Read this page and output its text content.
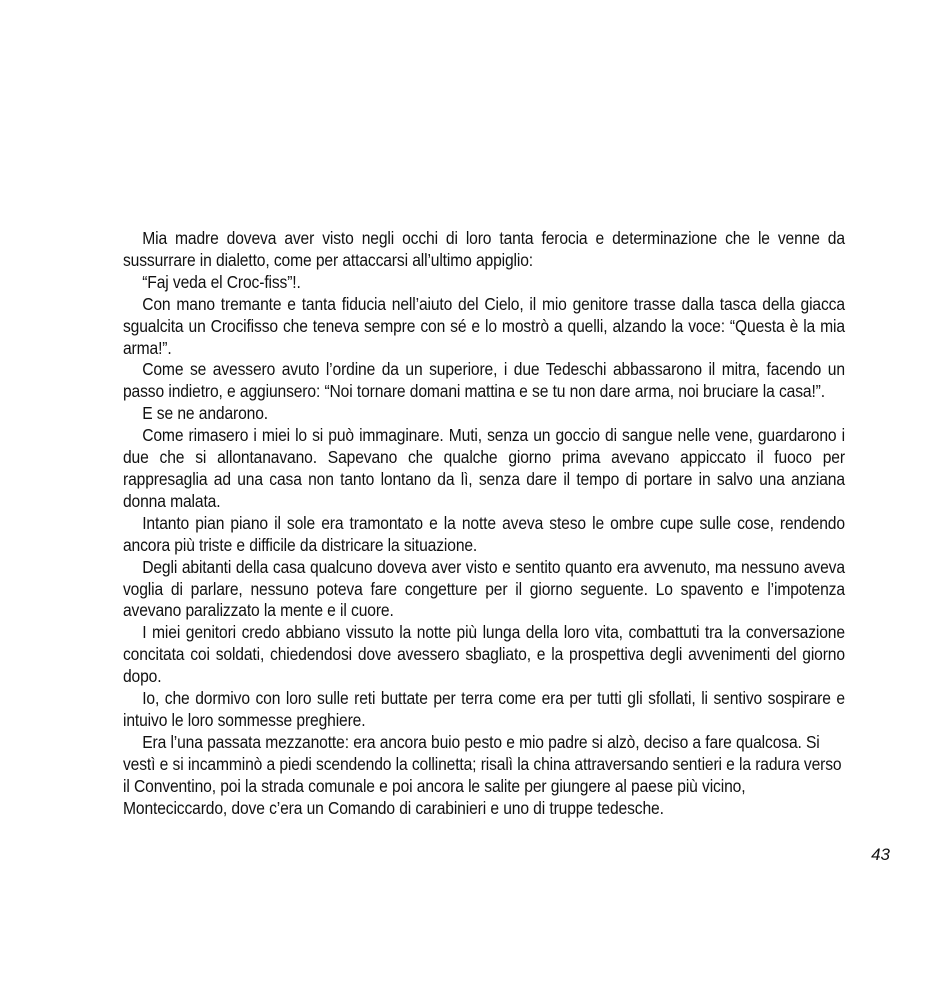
Mia madre doveva aver visto negli occhi di loro tanta ferocia e determinazione che le venne da sussurrare in dialetto, come per attaccarsi all’ultimo appiglio:

“Faj veda el Croc-fiss”!.

Con mano tremante e tanta fiducia nell’aiuto del Cielo, il mio genitore trasse dalla tasca della giacca sgualcita un Crocifisso che teneva sempre con sé e lo mostrò a quelli, alzando la voce: “Questa è la mia arma!”.

Come se avessero avuto l’ordine da un superiore, i due Tedeschi abbassarono il mitra, facendo un passo indietro, e aggiunsero: “Noi tornare domani mattina e se tu non dare arma, noi bruciare la casa!”.

E se ne andarono.

Come rimasero i miei lo si può immaginare. Muti, senza un goccio di sangue nelle vene, guardarono i due che si allontanavano. Sapevano che qualche giorno prima avevano appiccato il fuoco per rappresaglia ad una casa non tanto lontano da lì, senza dare il tempo di portare in salvo una anziana donna malata.

Intanto pian piano il sole era tramontato e la notte aveva steso le ombre cupe sulle cose, rendendo ancora più triste e difficile da districare la situazione.

Degli abitanti della casa qualcuno doveva aver visto e sentito quanto era avvenuto, ma nessuno aveva voglia di parlare, nessuno poteva fare congetture per il giorno seguente. Lo spavento e l’impotenza avevano paralizzato la mente e il cuore.

I miei genitori credo abbiano vissuto la notte più lunga della loro vita, combattuti tra la conversazione concitata coi soldati, chiedendosi dove avessero sbagliato, e la prospettiva degli avvenimenti del giorno dopo.

Io, che dormivo con loro sulle reti buttate per terra come era per tutti gli sfollati, li sentivo sospirare e intuivo le loro sommesse preghiere.

Era l’una passata mezzanotte: era ancora buio pesto e mio padre si alzò, deciso a fare qualcosa. Si vestì e si incamminò a piedi scendendo la collinetta; risalì la china attraversando sentieri e la radura verso il Conventino, poi la strada comunale e poi ancora le salite per giungere al paese più vicino, Monteciccardo, dove c’era un Comando di carabinieri e uno di truppe tedesche.

43
